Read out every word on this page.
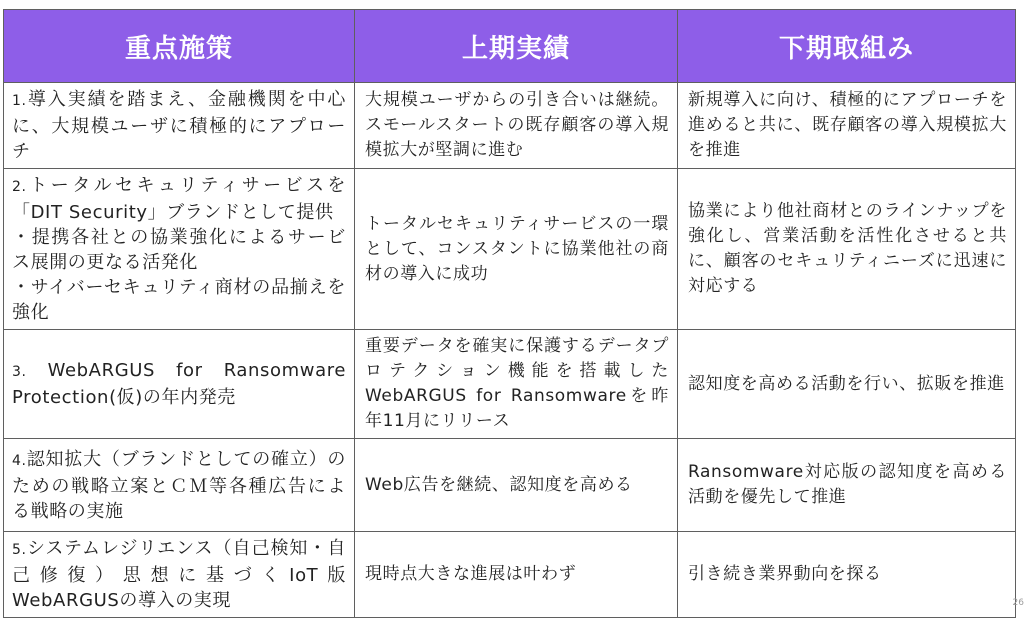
重点施策	上期実績	下期取組み
1.導入実績を踏まえ、金融機関を中心に、大規模ユーザに積極的にアプローチ	大規模ユーザからの引き合いは継続。スモールスタートの既存顧客の導入規模拡大が堅調に進む	新規導入に向け、積極的にアプローチを進めると共に、既存顧客の導入規模拡大を推進

2.トータルセキュリティサービスを「DIT Security」ブランドとして提供
・提携各社との協業強化によるサービス展開の更なる活発化
・サイバーセキュリティ商材の品揃えを強化	トータルセキュリティサービスの一環として、コンスタントに協業他社の商材の導入に成功	協業により他社商材とのラインナップを強化し、営業活動を活性化させると共に、顧客のセキュリティニーズに迅速に対応する
3. WebARGUS for Ransomware Protection(仮)の年内発売	重要データを確実に保護するデータプロテクション機能を搭載したWebARGUS for Ransomwareを昨年11月にリリース	認知度を高める活動を行い、拡販を推進
4.認知拡大（ブランドとしての確立）のための戦略立案とＣＭ等各種広告による戦略の実施	Web広告を継続、認知度を高める	Ransomware対応版の認知度を高める活動を優先して推進
5.システムレジリエンス（自己検知・自己修復）思想に基づくIoT版WebARGUSの導入の実現	現時点大きな進展は叶わず	引き続き業界動向を探る
26
